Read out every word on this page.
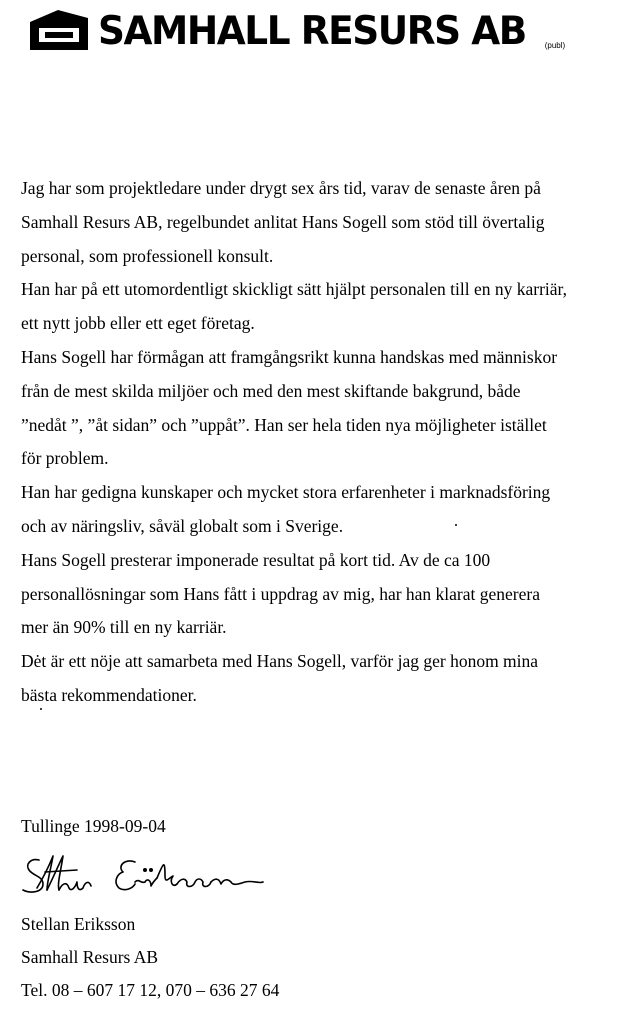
SAMHALL RESURS AB (publ)

Jag har som projektledare under drygt sex års tid, varav de senaste åren på

Samhall Resurs AB, regelbundet anlitat Hans Sogell som stöd till övertalig

personal, som professionell konsult.

Han har på ett utomordentligt skickligt sätt hjälpt personalen till en ny karriär,

ett nytt jobb eller ett eget företag.

Hans Sogell har förmågan att framgångsrikt kunna handskas med människor

från de mest skilda miljöer och med den mest skiftande bakgrund, både

”nedåt ”, ”åt sidan” och ”uppåt”. Han ser hela tiden nya möjligheter istället

för problem.

Han har gedigna kunskaper och mycket stora erfarenheter i marknadsföring

och av näringsliv, såväl globalt som i Sverige.

Hans Sogell presterar imponerade resultat på kort tid. Av de ca 100

personallösningar som Hans fått i uppdrag av mig, har han klarat generera

mer än 90% till en ny karriär.

Dėt är ett nöje att samarbeta med Hans Sogell, varför jag ger honom mina

bästa rekommendationer.

Tullinge 1998-09-04
Stellan Eriksson
Samhall Resurs AB
Tel. 08 – 607 17 12, 070 – 636 27 64
